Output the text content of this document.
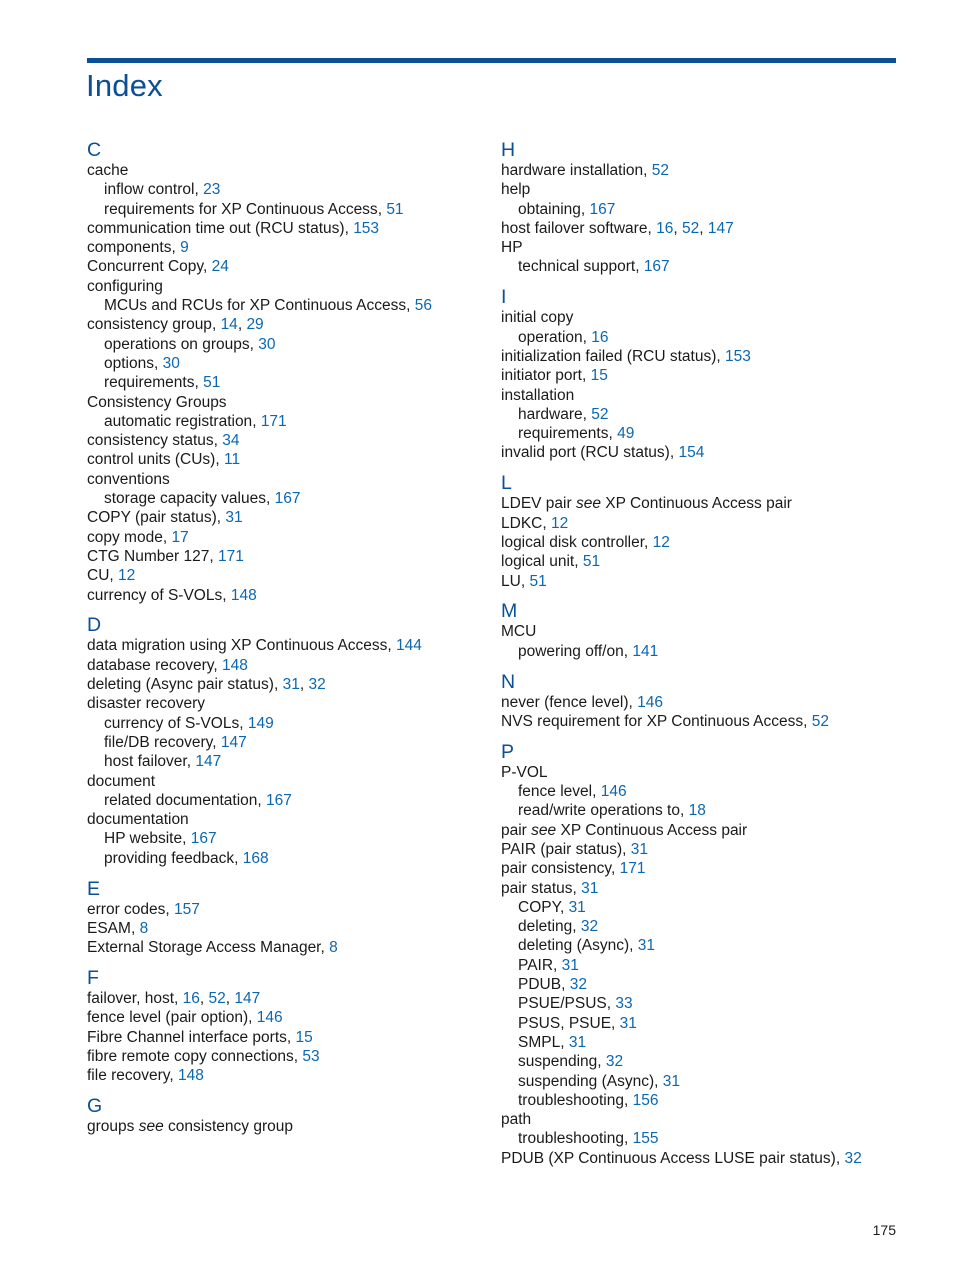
Index
C
cache
inflow control, 23
requirements for XP Continuous Access, 51
communication time out (RCU status), 153
components, 9
Concurrent Copy, 24
configuring
MCUs and RCUs for XP Continuous Access, 56
consistency group, 14, 29
operations on groups, 30
options, 30
requirements, 51
Consistency Groups
automatic registration, 171
consistency status, 34
control units (CUs), 11
conventions
storage capacity values, 167
COPY (pair status), 31
copy mode, 17
CTG Number 127, 171
CU, 12
currency of S-VOLs, 148
D
data migration using XP Continuous Access, 144
database recovery, 148
deleting (Async pair status), 31, 32
disaster recovery
currency of S-VOLs, 149
file/DB recovery, 147
host failover, 147
document
related documentation, 167
documentation
HP website, 167
providing feedback, 168
E
error codes, 157
ESAM, 8
External Storage Access Manager, 8
F
failover, host, 16, 52, 147
fence level (pair option), 146
Fibre Channel interface ports, 15
fibre remote copy connections, 53
file recovery, 148
G
groups see consistency group
H
hardware installation, 52
help
obtaining, 167
host failover software, 16, 52, 147
HP
technical support, 167
I
initial copy
operation, 16
initialization failed (RCU status), 153
initiator port, 15
installation
hardware, 52
requirements, 49
invalid port (RCU status), 154
L
LDEV pair see XP Continuous Access pair
LDKC, 12
logical disk controller, 12
logical unit, 51
LU, 51
M
MCU
powering off/on, 141
N
never (fence level), 146
NVS requirement for XP Continuous Access, 52
P
P-VOL
fence level, 146
read/write operations to, 18
pair see XP Continuous Access pair
PAIR (pair status), 31
pair consistency, 171
pair status, 31
COPY, 31
deleting, 32
deleting (Async), 31
PAIR, 31
PDUB, 32
PSUE/PSUS, 33
PSUS, PSUE, 31
SMPL, 31
suspending, 32
suspending (Async), 31
troubleshooting, 156
path
troubleshooting, 155
PDUB (XP Continuous Access LUSE pair status), 32
175
